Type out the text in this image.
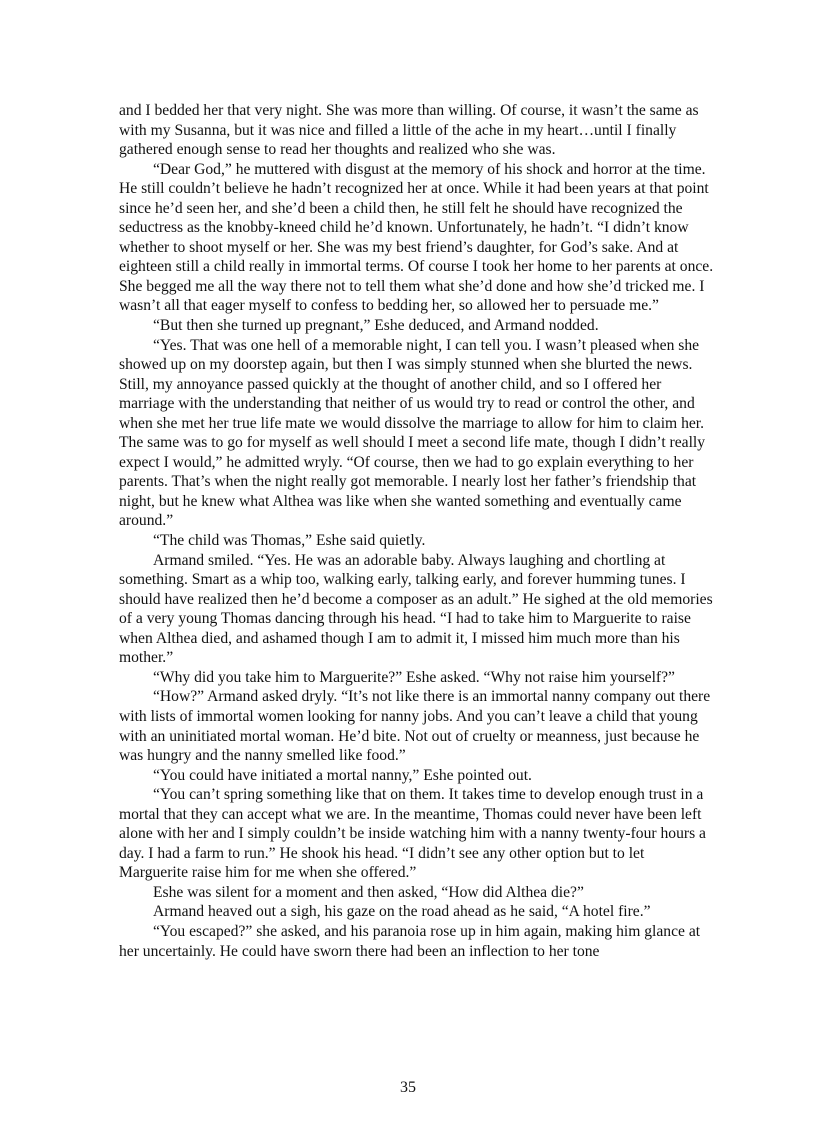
and I bedded her that very night. She was more than willing. Of course, it wasn’t the same as with my Susanna, but it was nice and filled a little of the ache in my heart…until I finally gathered enough sense to read her thoughts and realized who she was.

“Dear God,” he muttered with disgust at the memory of his shock and horror at the time. He still couldn’t believe he hadn’t recognized her at once. While it had been years at that point since he’d seen her, and she’d been a child then, he still felt he should have recognized the seductress as the knobby-kneed child he’d known. Unfortunately, he hadn’t. “I didn’t know whether to shoot myself or her. She was my best friend’s daughter, for God’s sake. And at eighteen still a child really in immortal terms. Of course I took her home to her parents at once. She begged me all the way there not to tell them what she’d done and how she’d tricked me. I wasn’t all that eager myself to confess to bedding her, so allowed her to persuade me.”

“But then she turned up pregnant,” Eshe deduced, and Armand nodded.

“Yes. That was one hell of a memorable night, I can tell you. I wasn’t pleased when she showed up on my doorstep again, but then I was simply stunned when she blurted the news. Still, my annoyance passed quickly at the thought of another child, and so I offered her marriage with the understanding that neither of us would try to read or control the other, and when she met her true life mate we would dissolve the marriage to allow for him to claim her. The same was to go for myself as well should I meet a second life mate, though I didn’t really expect I would,” he admitted wryly. “Of course, then we had to go explain everything to her parents. That’s when the night really got memorable. I nearly lost her father’s friendship that night, but he knew what Althea was like when she wanted something and eventually came around.”

“The child was Thomas,” Eshe said quietly.

Armand smiled. “Yes. He was an adorable baby. Always laughing and chortling at something. Smart as a whip too, walking early, talking early, and forever humming tunes. I should have realized then he’d become a composer as an adult.” He sighed at the old memories of a very young Thomas dancing through his head. “I had to take him to Marguerite to raise when Althea died, and ashamed though I am to admit it, I missed him much more than his mother.”

“Why did you take him to Marguerite?” Eshe asked. “Why not raise him yourself?”

“How?” Armand asked dryly. “It’s not like there is an immortal nanny company out there with lists of immortal women looking for nanny jobs. And you can’t leave a child that young with an uninitiated mortal woman. He’d bite. Not out of cruelty or meanness, just because he was hungry and the nanny smelled like food.”

“You could have initiated a mortal nanny,” Eshe pointed out.

“You can’t spring something like that on them. It takes time to develop enough trust in a mortal that they can accept what we are. In the meantime, Thomas could never have been left alone with her and I simply couldn’t be inside watching him with a nanny twenty-four hours a day. I had a farm to run.” He shook his head. “I didn’t see any other option but to let Marguerite raise him for me when she offered.”

Eshe was silent for a moment and then asked, “How did Althea die?”

Armand heaved out a sigh, his gaze on the road ahead as he said, “A hotel fire.”

“You escaped?” she asked, and his paranoia rose up in him again, making him glance at her uncertainly. He could have sworn there had been an inflection to her tone

35
